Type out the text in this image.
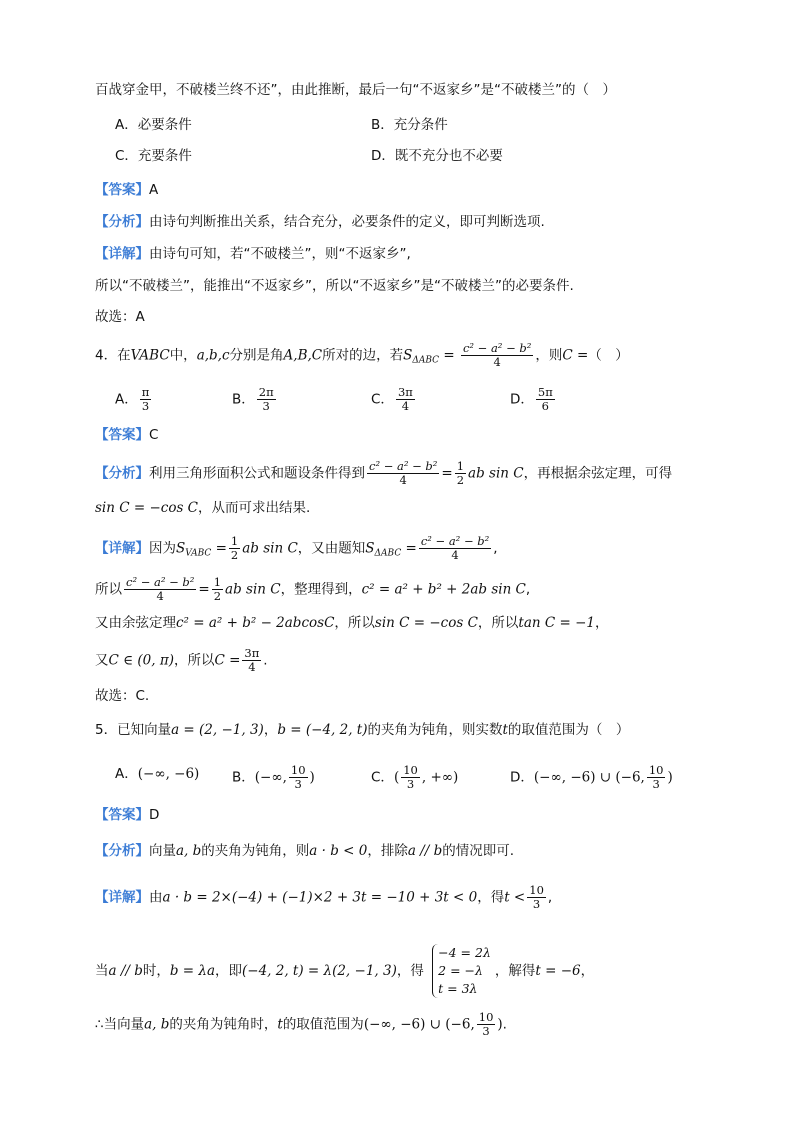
百战穿金甲，不破楼兰终不还”，由此推断，最后一句“不返家乡”是“不破楼兰”的（　）
A．必要条件	B．充分条件
C．充要条件	D．既不充分也不必要
【答案】A
【分析】由诗句判断推出关系，结合充分，必要条件的定义，即可判断选项.
【详解】由诗句可知，若“不破楼兰”，则“不返家乡”,
所以“不破楼兰”，能推出“不返家乡”，所以“不返家乡”是“不破楼兰”的必要条件.
故选：A
4．在VABC中，a,b,c分别是角A,B,C所对的边，若$S_{\Delta ABC} = \frac{\text{c² − a² − b²}}{4}$ ，则C =（　）
A． $\frac{\pi}{3}$	B． $\frac{2\pi}{3}$	C． $\frac{3\pi}{4}$	D． $\frac{5\pi}{6}$
【答案】C
【分析】利用三角形面积公式和题设条件得到 $\frac{\text{c² − a² − b²}}{4} = \frac{1}{2}$ ab sin C，再根据余弦定理，可得
sin C = −cos C，从而可求出结果.
【详解】因为$S_{VABC} = \frac{1}{2}$ ab sin C，又由题知$S_{\Delta ABC} = \frac{\text{c² − a² − b²}}{4}$ ,
所以 $\frac{\text{c² − a² − b²}}{4} = \frac{1}{2}$ ab sin C，整理得到，c² = a² + b² + 2ab sin C,
又由余弦定理c² = a² + b² − 2abcosC，所以sin C = −cos C，所以tan C = −1，
又C ∈ (0, π)，所以$C = \frac{3\pi}{4}$ .
故选：C.
5．已知向量a = (2, −1, 3)，b = (−4, 2, t)的夹角为钝角，则实数t的取值范围为（　）
A．(−∞, −6) B．(−∞, $\frac{10}{3}$ )	C．( $\frac{10}{3}$ , +∞)	D．(−∞, −6) ∪ (−6, $\frac{10}{3}$ )
【答案】D
【分析】向量a, b的夹角为钝角，则a · b < 0，排除a // b的情况即可.
【详解】由a · b = 2×(−4) + (−1)×2 + 3t = −10 + 3t < 0，得$t < \frac{10}{3}$ ,
当a // b时，b = λa，即(−4, 2, t) = λ(2, −1, 3)，得
−4 = 2λ
2 = −λ
t = 3λ
，解得t = −6，
∴当向量a, b的夹角为钝角时，t的取值范围为(−∞, −6) ∪ (−6, $\frac{10}{3}$ ).
